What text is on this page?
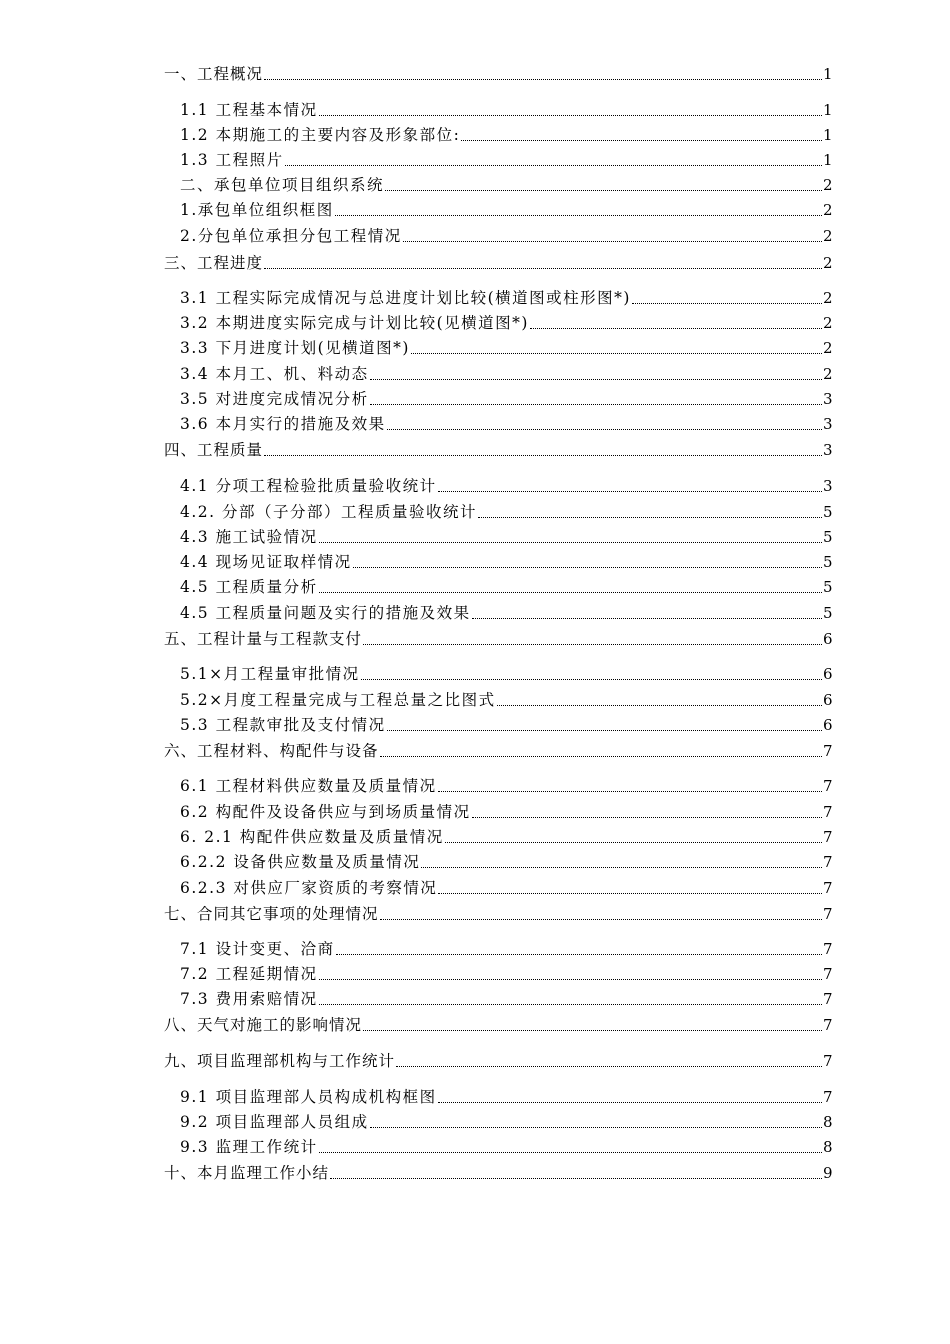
一、工程概况	1
1.1 工程基本情况	1
1.2 本期施工的主要内容及形象部位:	1
1.3 工程照片	1
二、承包单位项目组织系统	2
1.承包单位组织框图	2
2.分包单位承担分包工程情况	2
三、工程进度	2
3.1 工程实际完成情况与总进度计划比较(横道图或柱形图*)	2
3.2 本期进度实际完成与计划比较(见横道图*)	2
3.3 下月进度计划(见横道图*)	2
3.4 本月工、机、料动态	2
3.5 对进度完成情况分析	3
3.6 本月实行的措施及效果	3
四、工程质量	3
4.1 分项工程检验批质量验收统计	3
4.2. 分部（子分部）工程质量验收统计	5
4.3 施工试验情况	5
4.4 现场见证取样情况	5
4.5 工程质量分析	5
4.5 工程质量问题及实行的措施及效果	5
五、工程计量与工程款支付	6
5.1×月工程量审批情况	6
5.2×月度工程量完成与工程总量之比图式	6
5.3 工程款审批及支付情况	6
六、工程材料、构配件与设备	7
6.1 工程材料供应数量及质量情况	7
6.2 构配件及设备供应与到场质量情况	7
6. 2.1 构配件供应数量及质量情况	7
6.2.2 设备供应数量及质量情况	7
6.2.3 对供应厂家资质的考察情况	7
七、合同其它事项的处理情况	7
7.1 设计变更、洽商	7
7.2 工程延期情况	7
7.3 费用索赔情况	7
八、天气对施工的影响情况	7
九、项目监理部机构与工作统计	7
9.1 项目监理部人员构成机构框图	7
9.2 项目监理部人员组成	8
9.3 监理工作统计	8
十、本月监理工作小结	9
